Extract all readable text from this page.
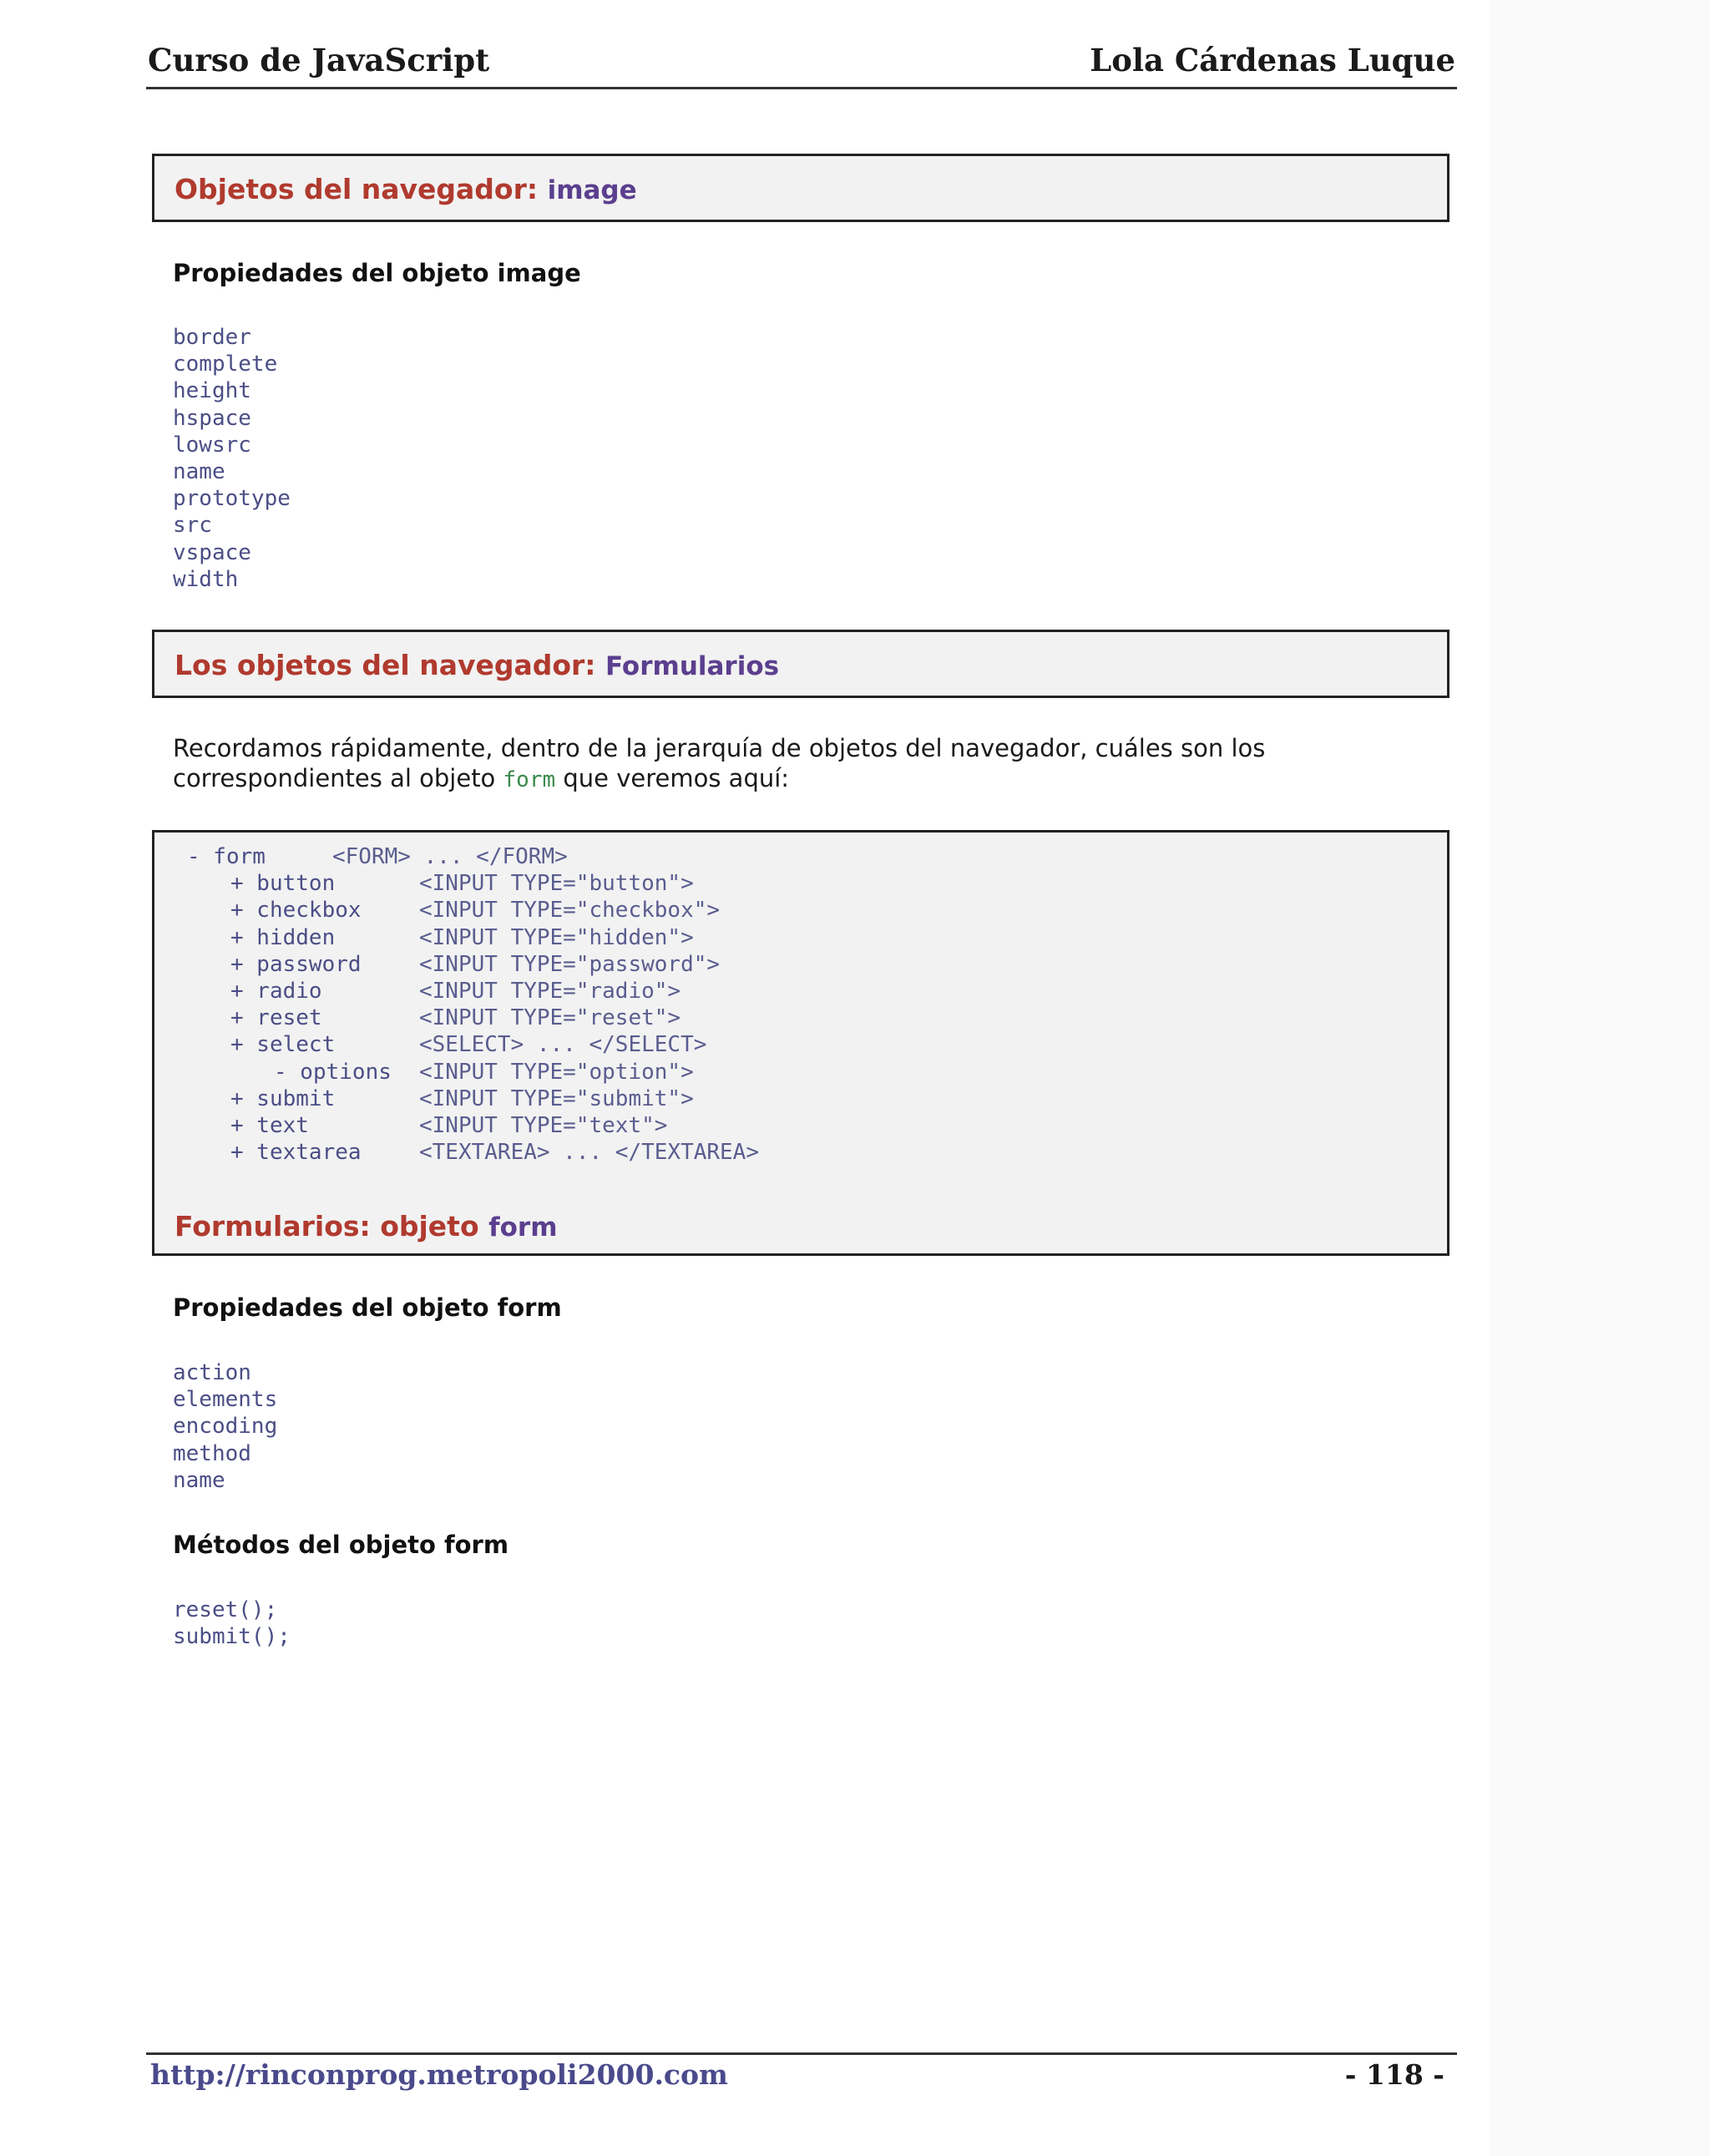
Curso de JavaScript	Lola Cárdenas Luque
Objetos del navegador: image
Propiedades del objeto image
border
complete
height
hspace
lowsrc
name
prototype
src
vspace
width
Los objetos del navegador: Formularios
Recordamos rápidamente, dentro de la jerarquía de objetos del navegador, cuáles son los correspondientes al objeto form que veremos aquí:
Formularios: objeto form
- form	<FORM> ... </FORM>
+ button	<INPUT TYPE="button">
+ checkbox	<INPUT TYPE="checkbox">
+ hidden	<INPUT TYPE="hidden">
+ password	<INPUT TYPE="password">
+ radio	<INPUT TYPE="radio">
+ reset	<INPUT TYPE="reset">
+ select	<SELECT> ... </SELECT>
- options <INPUT TYPE="option">
+ submit	<INPUT TYPE="submit">
+ text	<INPUT TYPE="text">
+ textarea	<TEXTAREA> ... </TEXTAREA>
Propiedades del objeto form
action
elements
encoding
method
name
Métodos del objeto form
reset();
submit();
http://rinconprog.metropoli2000.com	- 118 -
